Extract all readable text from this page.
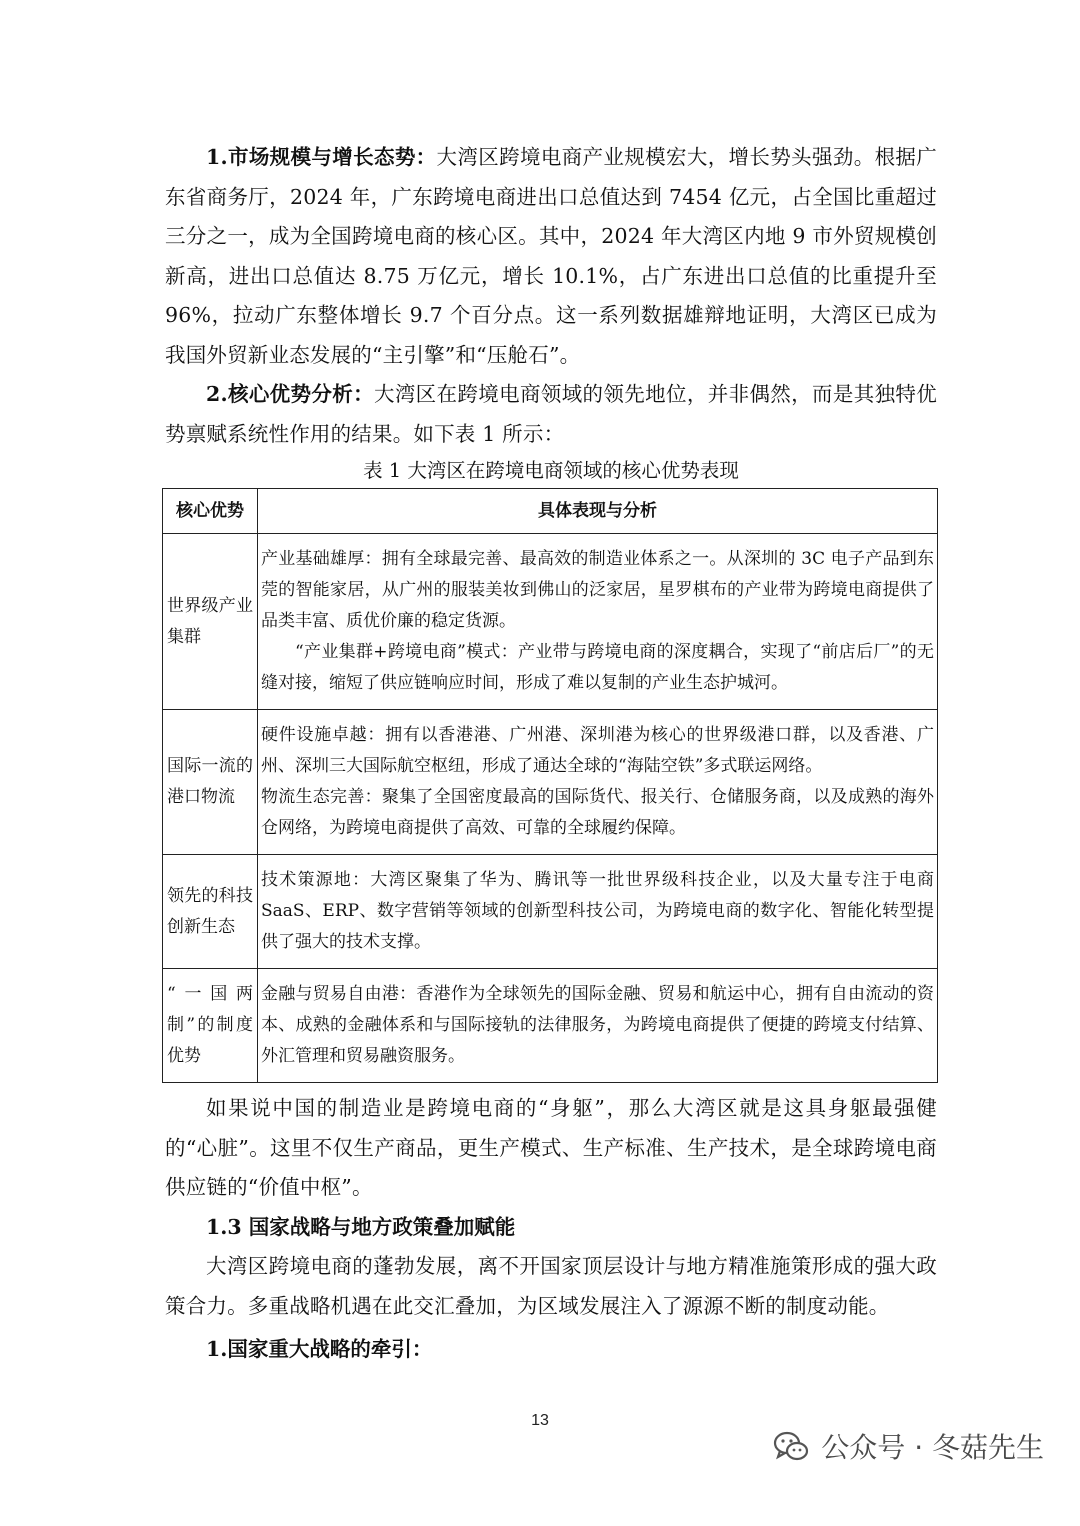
1.市场规模与增长态势：大湾区跨境电商产业规模宏大，增长势头强劲。根据广东省商务厅，2024 年，广东跨境电商进出口总值达到 7454 亿元，占全国比重超过三分之一，成为全国跨境电商的核心区。其中，2024 年大湾区内地 9 市外贸规模创新高，进出口总值达 8.75 万亿元，增长 10.1%，占广东进出口总值的比重提升至 96%，拉动广东整体增长 9.7 个百分点。这一系列数据雄辩地证明，大湾区已成为我国外贸新业态发展的“主引擎”和“压舱石”。

2.核心优势分析：大湾区在跨境电商领域的领先地位，并非偶然，而是其独特优势禀赋系统性作用的结果。如下表 1 所示：

表 1 大湾区在跨境电商领域的核心优势表现
核心优势	具体表现与分析
世界级产业集群	产业基础雄厚：拥有全球最完善、最高效的制造业体系之一。从深圳的 3C 电子产品到东莞的智能家居，从广州的服装美妆到佛山的泛家居，星罗棋布的产业带为跨境电商提供了品类丰富、质优价廉的稳定货源。

“产业集群+跨境电商”模式：产业带与跨境电商的深度耦合，实现了“前店后厂”的无缝对接，缩短了供应链响应时间，形成了难以复制的产业生态护城河。

国际一流的港口物流	硬件设施卓越：拥有以香港港、广州港、深圳港为核心的世界级港口群，以及香港、广州、深圳三大国际航空枢纽，形成了通达全球的“海陆空铁”多式联运网络。

物流生态完善：聚集了全国密度最高的国际货代、报关行、仓储服务商，以及成熟的海外仓网络，为跨境电商提供了高效、可靠的全球履约保障。

领先的科技创新生态	技术策源地：大湾区聚集了华为、腾讯等一批世界级科技企业，以及大量专注于电商 SaaS、ERP、数字营销等领域的创新型科技公司，为跨境电商的数字化、智能化转型提供了强大的技术支撑。

“一国两制”的制度优势	金融与贸易自由港：香港作为全球领先的国际金融、贸易和航运中心，拥有自由流动的资本、成熟的金融体系和与国际接轨的法律服务，为跨境电商提供了便捷的跨境支付结算、外汇管理和贸易融资服务。

如果说中国的制造业是跨境电商的“身躯”，那么大湾区就是这具身躯最强健的“心脏”。这里不仅生产商品，更生产模式、生产标准、生产技术，是全球跨境电商供应链的“价值中枢”。

1.3 国家战略与地方政策叠加赋能

大湾区跨境电商的蓬勃发展，离不开国家顶层设计与地方精准施策形成的强大政策合力。多重战略机遇在此交汇叠加，为区域发展注入了源源不断的制度动能。

1.国家重大战略的牵引：

13
公众号 · 冬菇先生
